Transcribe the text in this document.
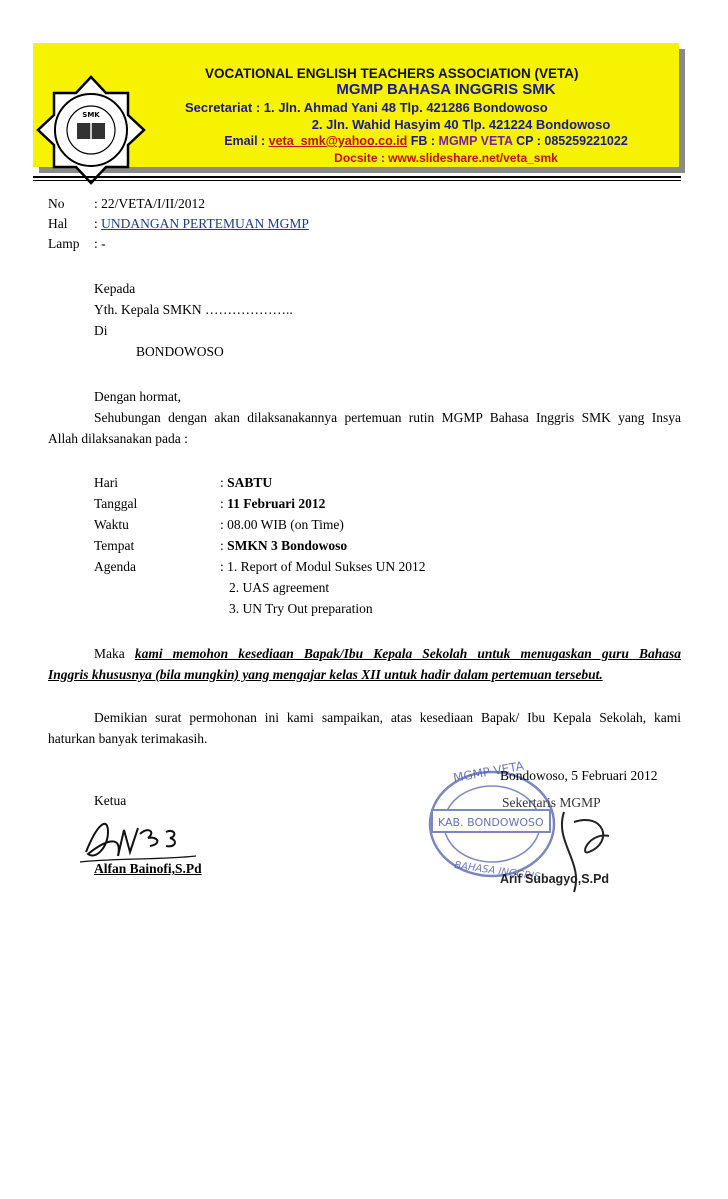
VOCATIONAL ENGLISH TEACHERS ASSOCIATION (VETA)
MGMP BAHASA INGGRIS SMK
Secretariat : 1. Jln. Ahmad Yani 48 Tlp. 421286 Bondowoso
2. Jln. Wahid Hasyim 40 Tlp. 421224 Bondowoso
Email : veta_smk@yahoo.co.id FB : MGMP VETA CP : 085259221022
Docsite : www.slideshare.net/veta_smk
SMK
No : 22/VETA/I/II/2012
Hal : UNDANGAN PERTEMUAN MGMP
Lamp : -
Kepada
Yth. Kepala SMKN ………………..
Di
BONDOWOSO
Dengan hormat,
Sehubungan dengan akan dilaksanakannya pertemuan rutin MGMP Bahasa Inggris SMK yang Insya
Allah dilaksanakan pada :
Hari	: SABTU
Tanggal	: 11 Februari 2012
Waktu	: 08.00 WIB (on Time)
Tempat	: SMKN 3 Bondowoso
Agenda	: 1. Report of Modul Sukses UN 2012
2. UAS agreement
3. UN Try Out preparation
Maka kami memohon kesediaan Bapak/Ibu Kepala Sekolah untuk menugaskan guru Bahasa
Inggris khususnya (bila mungkin) yang mengajar kelas XII untuk hadir dalam pertemuan tersebut.
Demikian surat permohonan ini kami sampaikan, atas kesediaan Bapak/ Ibu Kepala Sekolah, kami
haturkan banyak terimakasih.
MGMP VETA
KAB. BONDOWOSO
BAHASA INGGRIS
Bondowoso, 5 Februari 2012
Ketua	Sekertaris MGMP
Alfan Bainofi,S.Pd
Arif Subagyo,S.Pd
